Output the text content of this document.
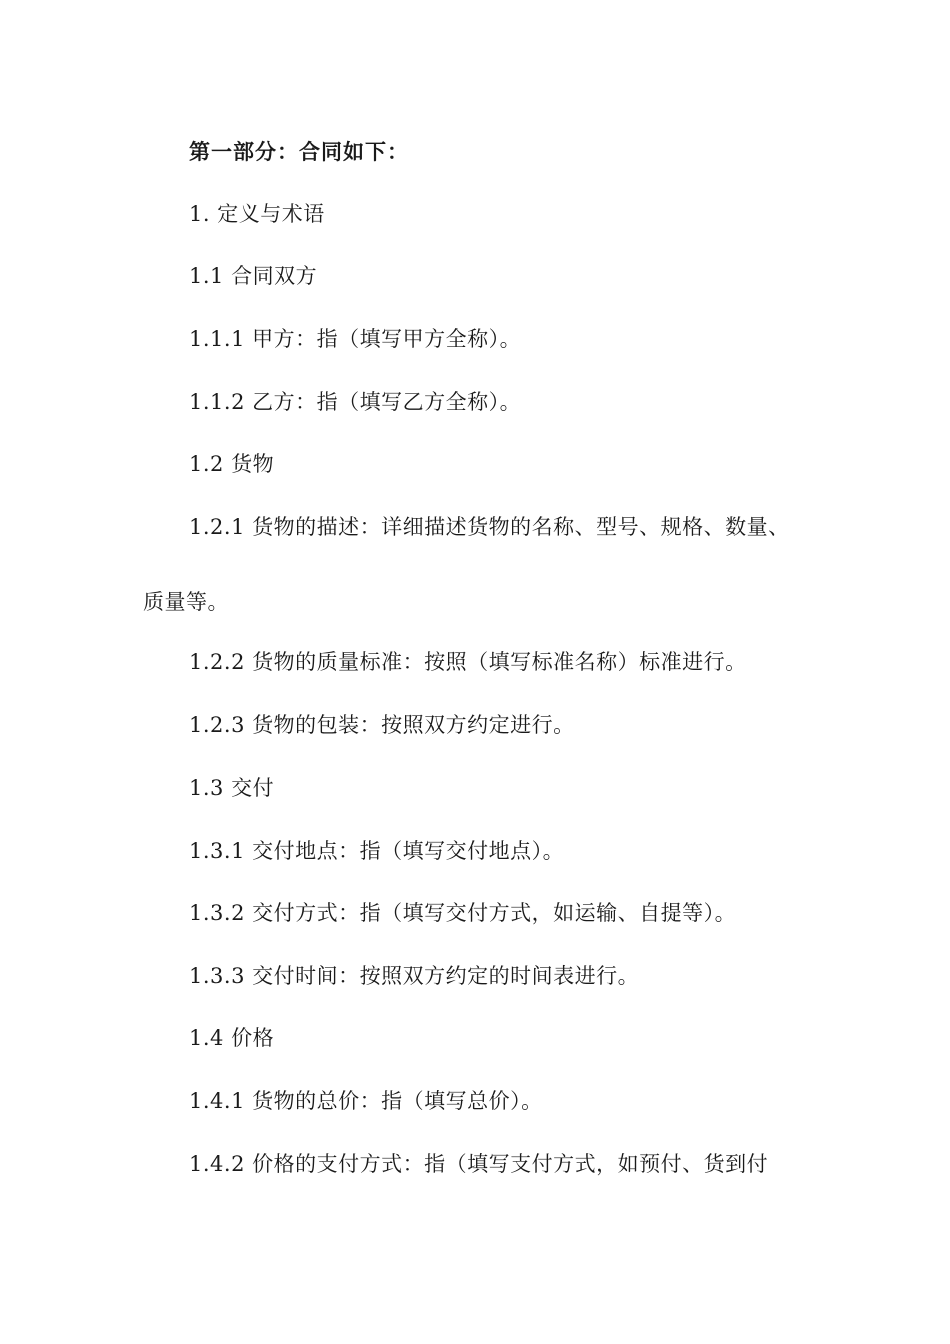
第一部分：合同如下：
1. 定义与术语
1.1 合同双方
1.1.1 甲方：指（填写甲方全称）。
1.1.2 乙方：指（填写乙方全称）。
1.2 货物
1.2.1 货物的描述：详细描述货物的名称、型号、规格、数量、
质量等。
1.2.2 货物的质量标准：按照（填写标准名称）标准进行。
1.2.3 货物的包装：按照双方约定进行。
1.3 交付
1.3.1 交付地点：指（填写交付地点）。
1.3.2 交付方式：指（填写交付方式，如运输、自提等）。
1.3.3 交付时间：按照双方约定的时间表进行。
1.4 价格
1.4.1 货物的总价：指（填写总价）。
1.4.2 价格的支付方式：指（填写支付方式，如预付、货到付
